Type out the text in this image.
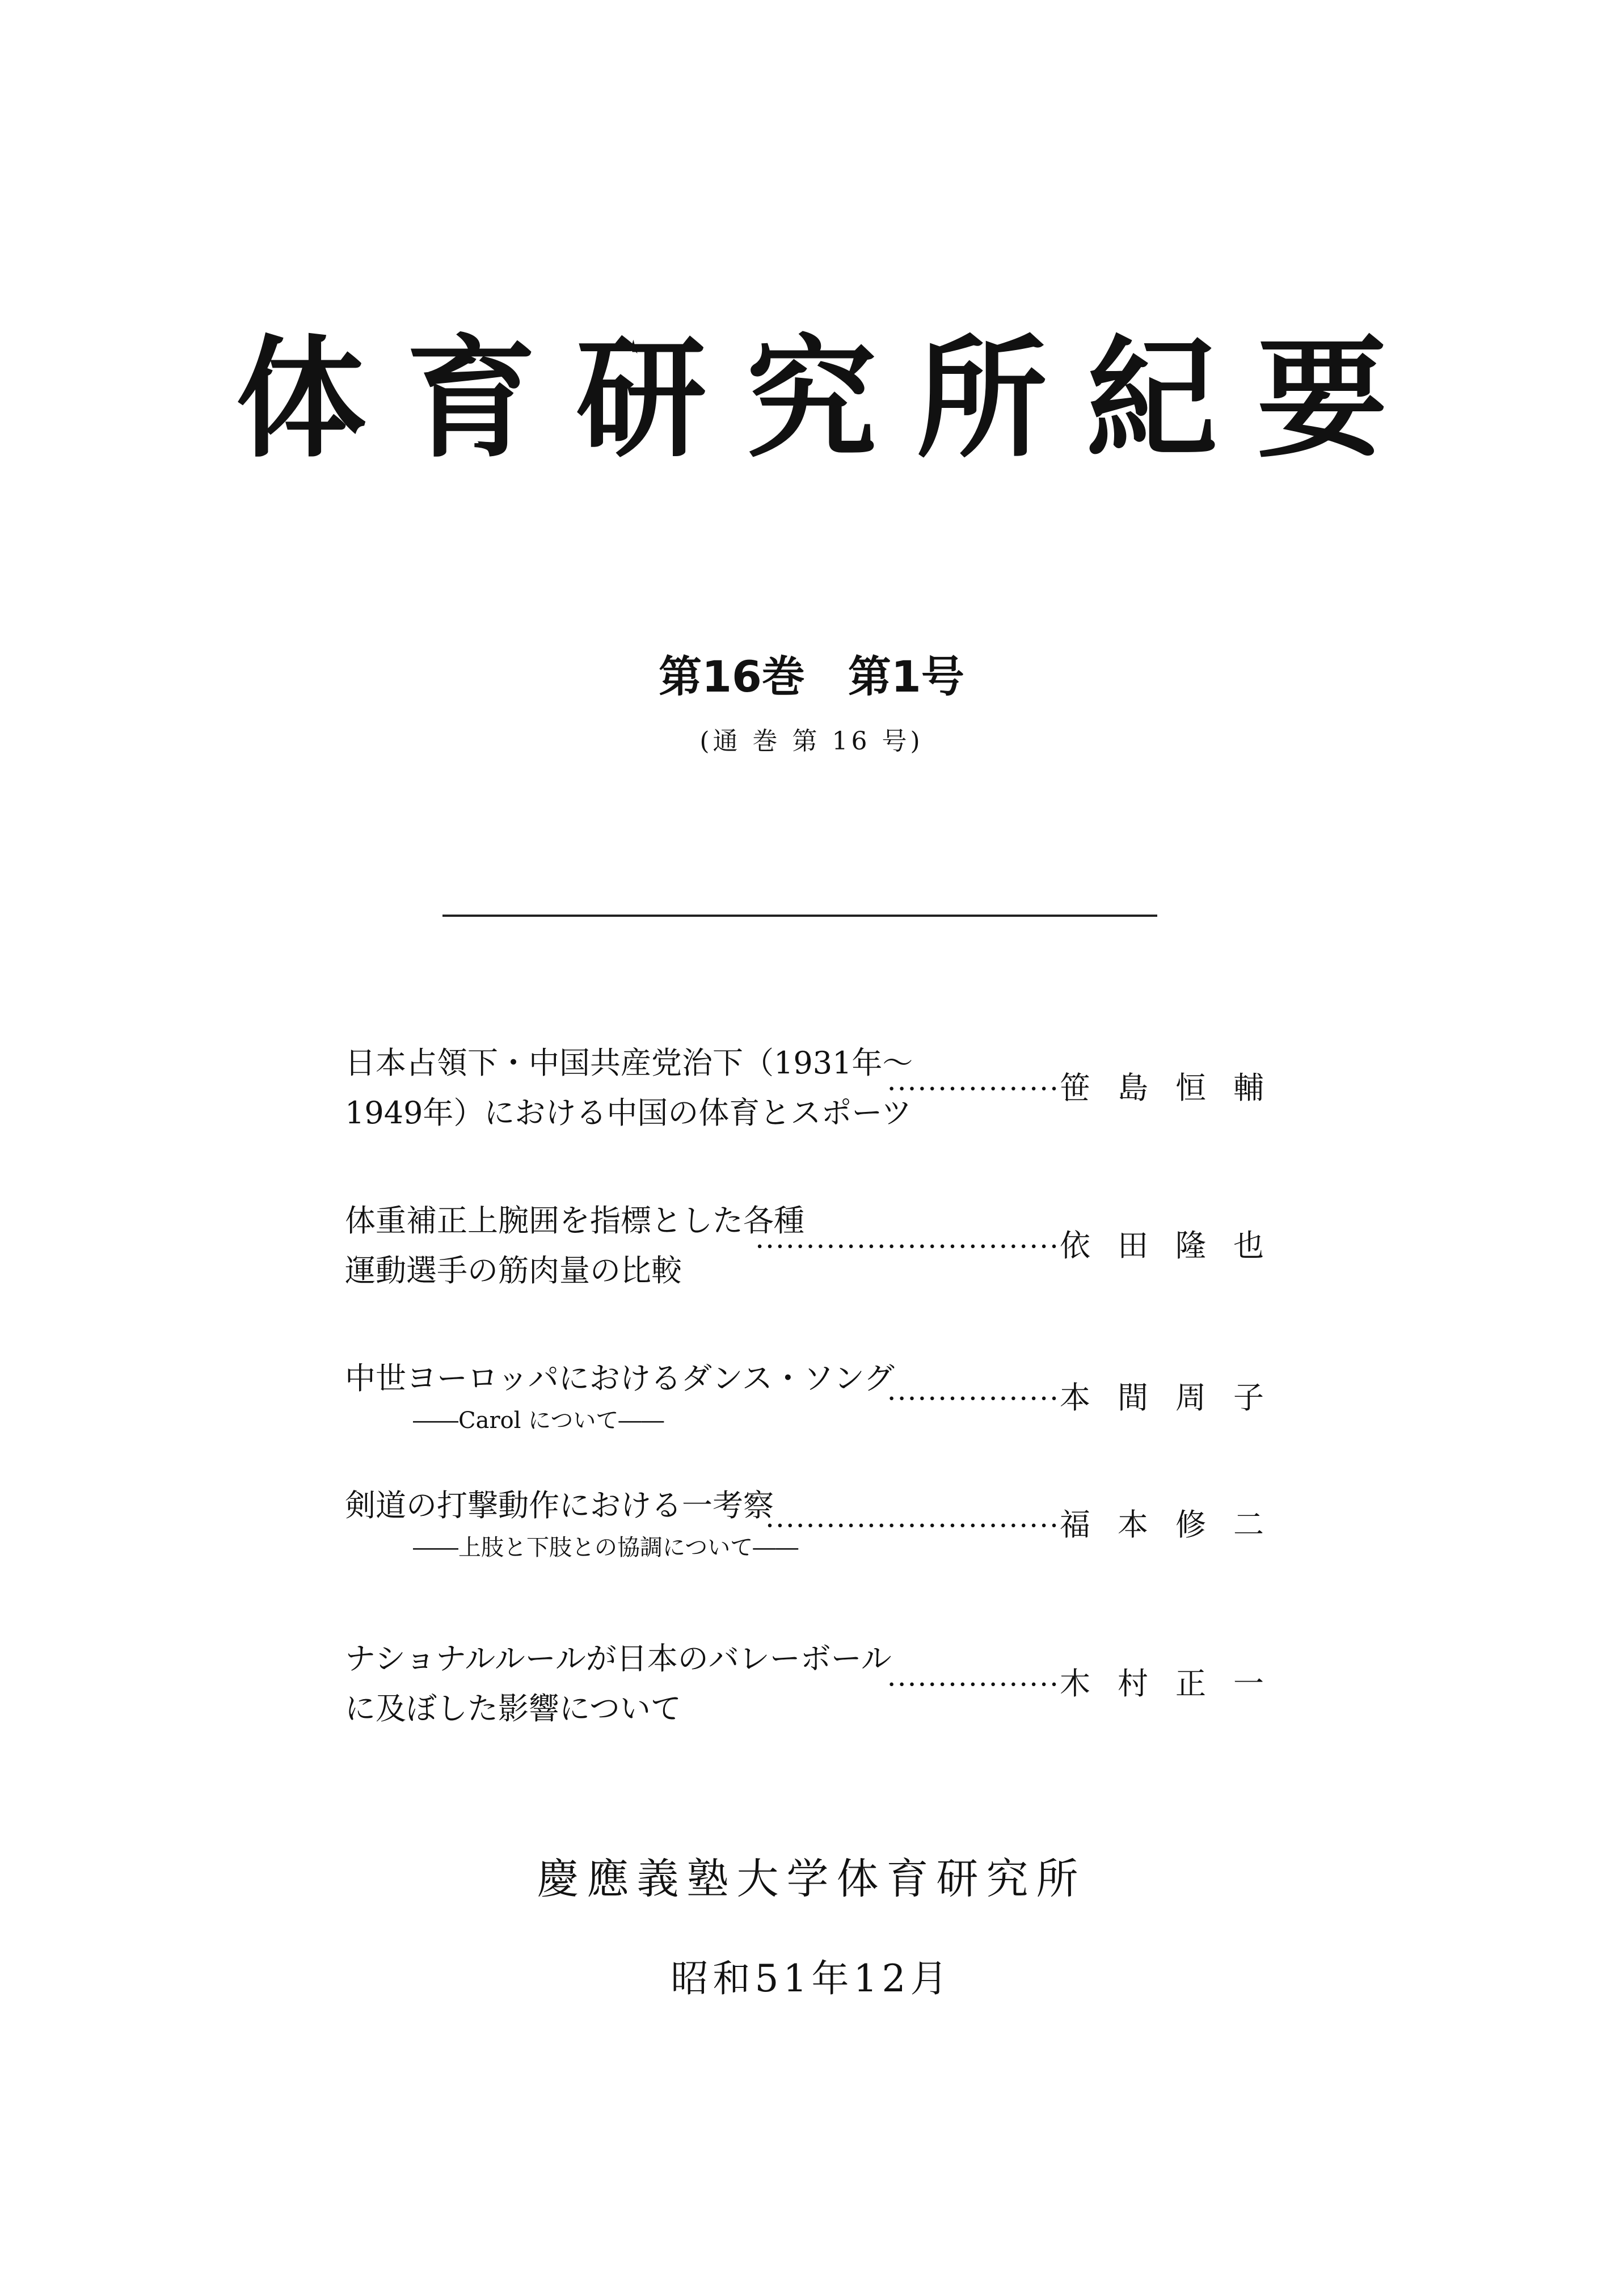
体育研究所紀要
第16巻　第1号
(通 巻 第 16 号)
日本占領下・中国共産党治下（1931年～
1949年）における中国の体育とスポーツ
················· 笹島恒輔
体重補正上腕囲を指標とした各種
運動選手の筋肉量の比較
······························ 依田隆也
中世ヨーロッパにおけるダンス・ソング
――Carol について――
················· 本間周子
剣道の打撃動作における一考察
――上肢と下肢との協調について――
····························· 福本修二
ナショナルルールが日本のバレーボール
に及ぼした影響について
················· 木村正一
慶應義塾大学体育研究所
昭和51年12月
